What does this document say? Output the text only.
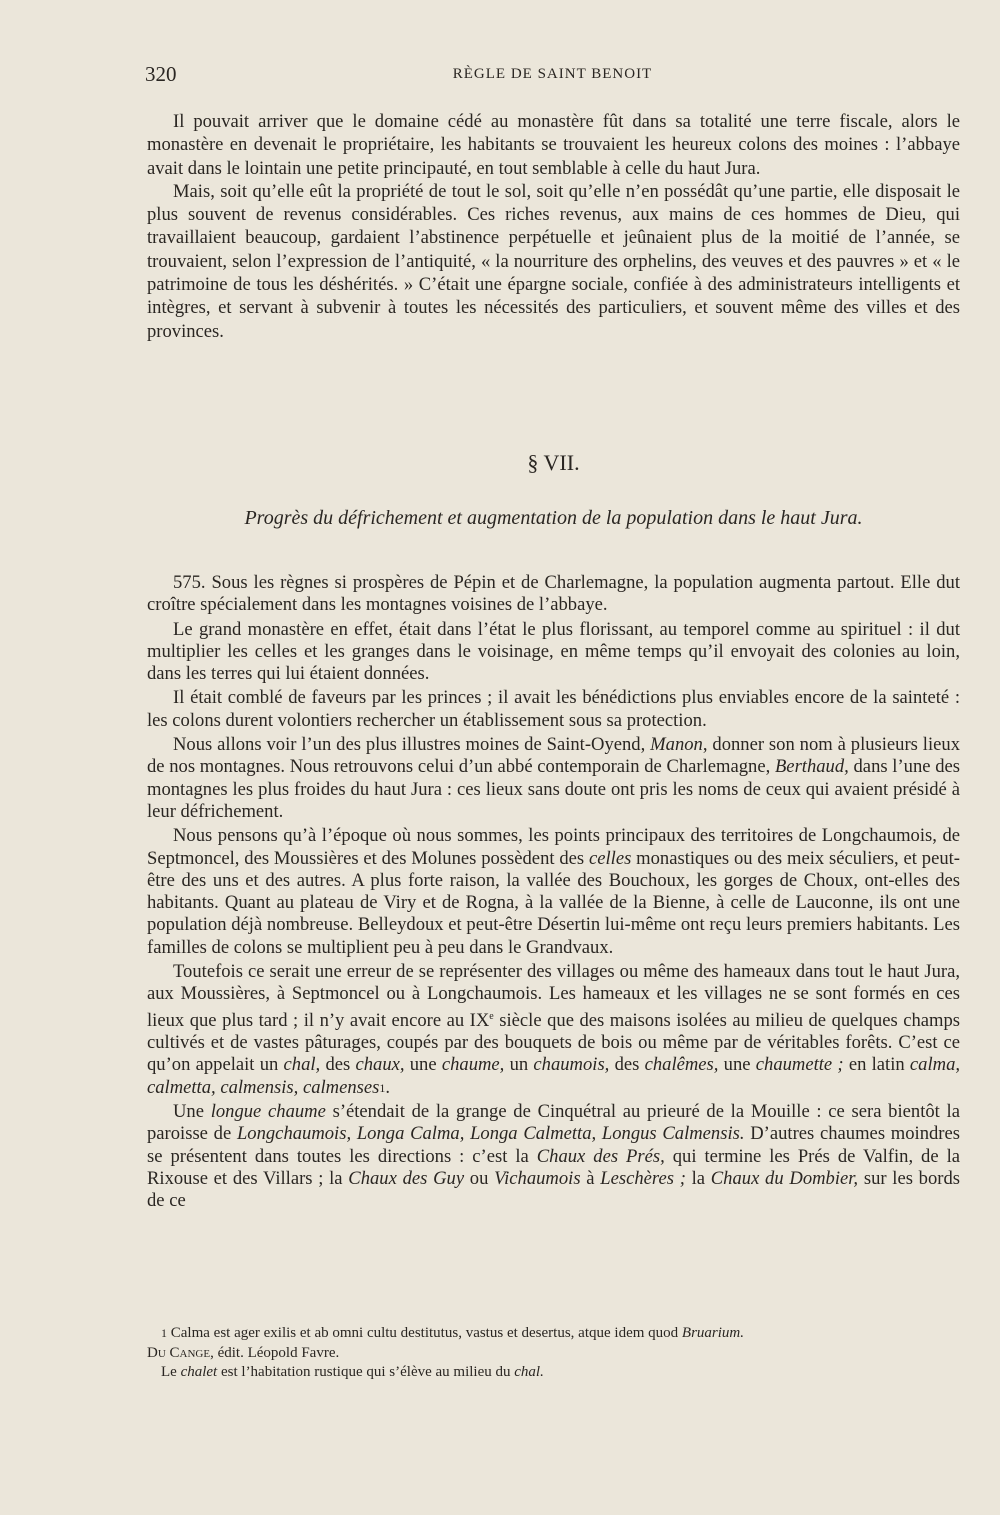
320	RÈGLE DE SAINT BENOIT

Il pouvait arriver que le domaine cédé au monastère fût dans sa totalité une terre fiscale, alors le monastère en devenait le propriétaire, les habitants se trouvaient les heureux colons des moines : l’abbaye avait dans le lointain une petite principauté, en tout semblable à celle du haut Jura.

Mais, soit qu’elle eût la propriété de tout le sol, soit qu’elle n’en possédât qu’une partie, elle disposait le plus souvent de revenus considérables. Ces riches revenus, aux mains de ces hommes de Dieu, qui travaillaient beaucoup, gardaient l’abstinence perpétuelle et jeûnaient plus de la moitié de l’année, se trouvaient, selon l’expression de l’antiquité, « la nourriture des orphelins, des veuves et des pauvres » et « le patrimoine de tous les déshérités. » C’était une épargne sociale, confiée à des administrateurs intelligents et intègres, et servant à subvenir à toutes les nécessités des particuliers, et souvent même des villes et des provinces.

§ VII.
Progrès du défrichement et augmentation de la population dans le haut Jura.

575. Sous les règnes si prospères de Pépin et de Charlemagne, la population augmenta partout. Elle dut croître spécialement dans les montagnes voisines de l’abbaye.

Le grand monastère en effet, était dans l’état le plus florissant, au temporel comme au spirituel : il dut multiplier les celles et les granges dans le voisinage, en même temps qu’il envoyait des colonies au loin, dans les terres qui lui étaient données.

Il était comblé de faveurs par les princes ; il avait les bénédictions plus enviables encore de la sainteté : les colons durent volontiers rechercher un établissement sous sa protection.

Nous allons voir l’un des plus illustres moines de Saint-Oyend, Manon, donner son nom à plusieurs lieux de nos montagnes. Nous retrouvons celui d’un abbé contemporain de Charlemagne, Berthaud, dans l’une des montagnes les plus froides du haut Jura : ces lieux sans doute ont pris les noms de ceux qui avaient présidé à leur défrichement.

Nous pensons qu’à l’époque où nous sommes, les points principaux des territoires de Longchaumois, de Septmoncel, des Moussières et des Molunes possèdent des celles monastiques ou des meix séculiers, et peut-être des uns et des autres. A plus forte raison, la vallée des Bouchoux, les gorges de Choux, ont-elles des habitants. Quant au plateau de Viry et de Rogna, à la vallée de la Bienne, à celle de Lauconne, ils ont une population déjà nombreuse. Belleydoux et peut-être Désertin lui-même ont reçu leurs premiers habitants. Les familles de colons se multiplient peu à peu dans le Grandvaux.

Toutefois ce serait une erreur de se représenter des villages ou même des hameaux dans tout le haut Jura, aux Moussières, à Septmoncel ou à Longchaumois. Les hameaux et les villages ne se sont formés en ces lieux que plus tard ; il n’y avait encore au IXe siècle que des maisons isolées au milieu de quelques champs cultivés et de vastes pâturages, coupés par des bouquets de bois ou même par de véritables forêts. C’est ce qu’on appelait un chal, des chaux, une chaume, un chaumois, des chalêmes, une chaumette ; en latin calma, calmetta, calmensis, calmenses$^1$.

Une longue chaume s’étendait de la grange de Cinquétral au prieuré de la Mouille : ce sera bientôt la paroisse de Longchaumois, Longa Calma, Longa Calmetta, Longus Calmensis. D’autres chaumes moindres se présentent dans toutes les directions : c’est la Chaux des Prés, qui termine les Prés de Valfin, de la Rixouse et des Villars ; la Chaux des Guy ou Vichaumois à Leschères ; la Chaux du Dombier, sur les bords de ce

$^1$ Calma est ager exilis et ab omni cultu destitutus, vastus et desertus, atque idem quod Bruarium.
Du Cange, édit. Léopold Favre.

Le chalet est l’habitation rustique qui s’élève au milieu du chal.
